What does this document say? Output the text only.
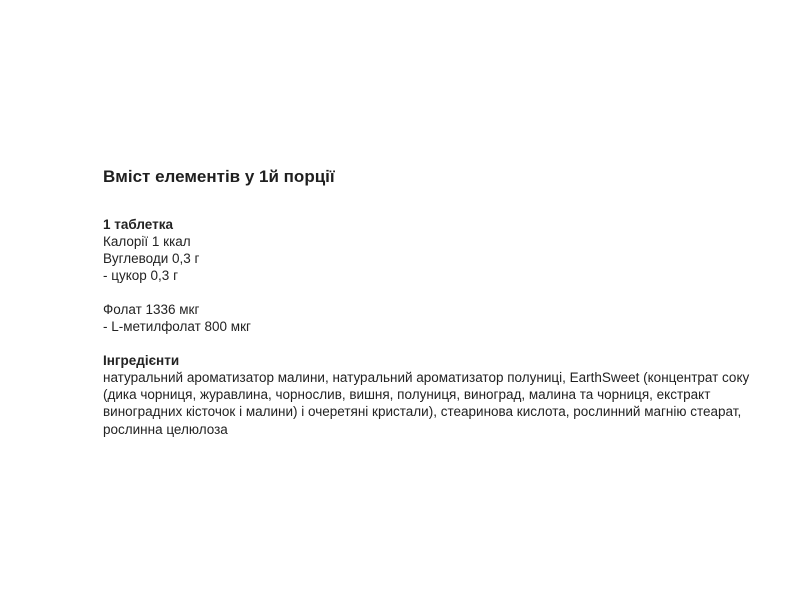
Вміст елементів у 1й порції
1 таблетка
Калорії 1 ккал
Вуглеводи 0,3 г
- цукор 0,3 г
Фолат 1336 мкг
- L-метилфолат 800 мкг
Інгредієнти
натуральний ароматизатор малини, натуральний ароматизатор полуниці, EarthSweet (концентрат соку
(дика чорниця, журавлина, чорнослив, вишня, полуниця, виноград, малина та чорниця, екстракт
виноградних кісточок і малини) і очеретяні кристали), стеаринова кислота, рослинний магнію стеарат,
рослинна целюлоза
